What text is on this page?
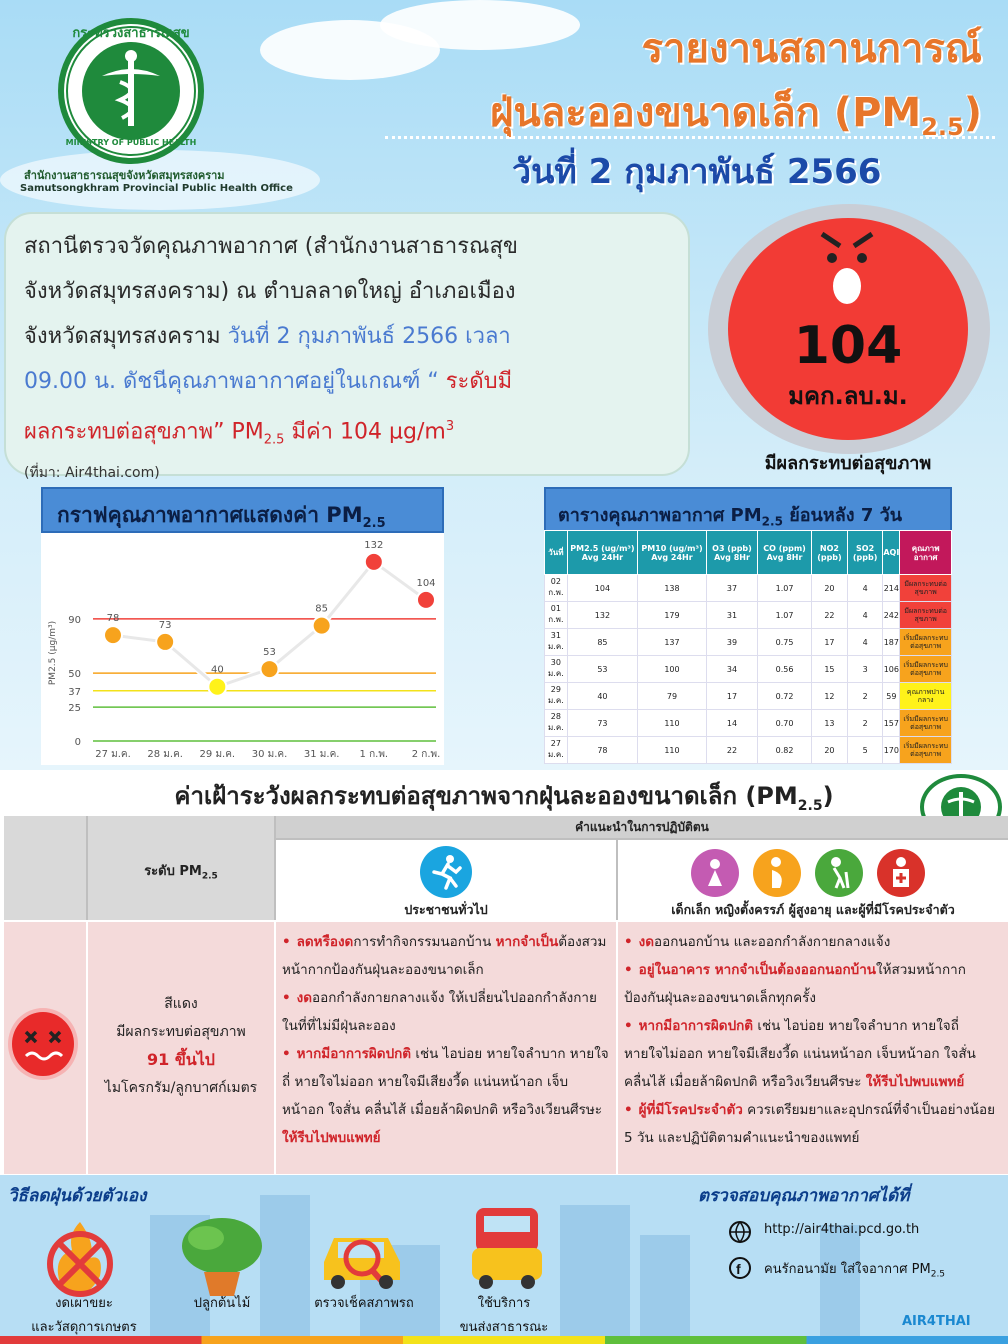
กระทรวงสาธารณสุข
MINISTRY OF PUBLIC HEALTH
สำนักงานสาธารณสุขจังหวัดสมุทรสงคราม
Samutsongkhram Provincial Public Health Office
รายงานสถานการณ์
ฝุ่นละอองขนาดเล็ก $(PM_{2.5})$
วันที่ 2 กุมภาพันธ์ 2566
สถานีตรวจวัดคุณภาพอากาศ (สำนักงานสาธารณสุข
จังหวัดสมุทรสงคราม) ณ ตำบลลาดใหญ่ อำเภอเมือง
จังหวัดสมุทรสงคราม วันที่ 2 กุมภาพันธ์ 2566 เวลา
09.00 น. ดัชนีคุณภาพอากาศอยู่ในเกณฑ์ “ ระดับมี
ผลกระทบต่อสุขภาพ” $PM_{2.5}$ มีค่า 104 $\mu g/m^3$
(ที่มา: Air4thai.com)
104
มคก.ลบ.ม.
มีผลกระทบต่อสุขภาพ
กราฟคุณภาพอากาศแสดงค่า $PM_{2.5}$
0
25
37
50
90
PM2.5 (µg/m³)
78
27 ม.ค.
73
28 ม.ค.
40
29 ม.ค.
53
30 ม.ค.
85
31 ม.ค.
132
1 ก.พ.
104
2 ก.พ.
ตารางคุณภาพอากาศ $PM_{2.5}$ ย้อนหลัง 7 วัน
วันที่	PM2.5 (ug/m³) Avg 24Hr	PM10 (ug/m³) Avg 24Hr	O3 (ppb) Avg 8Hr	CO (ppm) Avg 8Hr	NO2 (ppb)	SO2 (ppb)	AQI	คุณภาพ อากาศ
02 ก.พ.	104	138	37	1.07	20	4	214	มีผลกระทบต่อสุขภาพ
01 ก.พ.	132	179	31	1.07	22	4	242	มีผลกระทบต่อสุขภาพ
31 ม.ค.	85	137	39	0.75	17	4	187	เริ่มมีผลกระทบต่อสุขภาพ
30 ม.ค.	53	100	34	0.56	15	3	106	เริ่มมีผลกระทบต่อสุขภาพ
29 ม.ค.	40	79	17	0.72	12	2	59	คุณภาพปานกลาง
28 ม.ค.	73	110	14	0.70	13	2	157	เริ่มมีผลกระทบต่อสุขภาพ
27 ม.ค.	78	110	22	0.82	20	5	170	เริ่มมีผลกระทบต่อสุขภาพ
ค่าเฝ้าระวังผลกระทบต่อสุขภาพจากฝุ่นละอองขนาดเล็ก $(PM_{2.5})$
ระดับ $PM_{2.5}$
คำแนะนำในการปฏิบัติตน
ประชาชนทั่วไป	เด็กเล็ก หญิงตั้งครรภ์ ผู้สูงอายุ และผู้ที่มีโรคประจำตัว
สีแดง
มีผลกระทบต่อสุขภาพ
91 ขึ้นไป
ไมโครกรัม/ลูกบาศก์เมตร
• ลดหรืองดการทำกิจกรรมนอกบ้าน หากจำเป็นต้องสวมหน้ากากป้องกันฝุ่นละอองขนาดเล็ก
• งดออกกำลังกายกลางแจ้ง ให้เปลี่ยนไปออกกำลังกายในที่ที่ไม่มีฝุ่นละออง
• หากมีอาการผิดปกติ เช่น ไอบ่อย หายใจลำบาก หายใจถี่ หายใจไม่ออก หายใจมีเสียงวี้ด แน่นหน้าอก เจ็บหน้าอก ใจสั่น คลื่นไส้ เมื่อยล้าผิดปกติ หรือวิงเวียนศีรษะ ให้รีบไปพบแพทย์
• งดออกนอกบ้าน และออกกำลังกายกลางแจ้ง
• อยู่ในอาคาร หากจำเป็นต้องออกนอกบ้านให้สวมหน้ากากป้องกันฝุ่นละอองขนาดเล็กทุกครั้ง
• หากมีอาการผิดปกติ เช่น ไอบ่อย หายใจลำบาก หายใจถี่ หายใจไม่ออก หายใจมีเสียงวี้ด แน่นหน้าอก เจ็บหน้าอก ใจสั่น คลื่นไส้ เมื่อยล้าผิดปกติ หรือวิงเวียนศีรษะ ให้รีบไปพบแพทย์
• ผู้ที่มีโรคประจำตัว ควรเตรียมยาและอุปกรณ์ที่จำเป็นอย่างน้อย 5 วัน และปฏิบัติตามคำแนะนำของแพทย์
วิธีลดฝุ่นด้วยตัวเอง	ตรวจสอบคุณภาพอากาศได้ที่
งดเผาขยะ
และวัสดุการเกษตร
ปลูกต้นไม้	ตรวจเช็คสภาพรถ	ใช้บริการ
ขนส่งสาธารณะ
http://air4thai.pcd.go.th
f คนรักอนามัย ใส่ใจอากาศ $PM_{2.5}$
AIR4THAI
